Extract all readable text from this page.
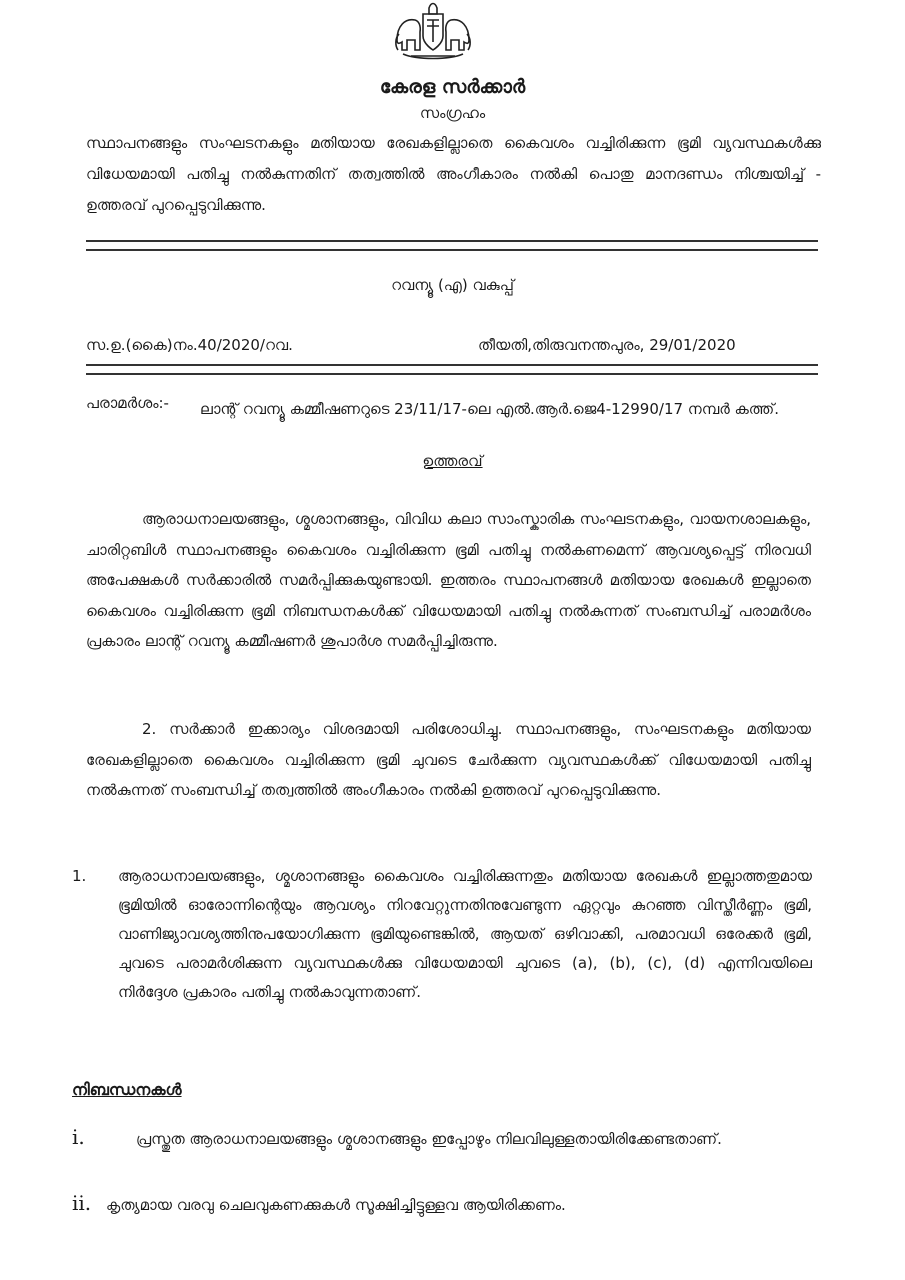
കേരള സർക്കാർ
സംഗ്രഹം
സ്ഥാപനങ്ങളും സംഘടനകളും മതിയായ രേഖകളില്ലാതെ കൈവശം വച്ചിരിക്കുന്ന ഭൂമി വ്യവസ്ഥകൾക്കു വിധേയമായി പതിച്ചു നൽകുന്നതിന് തത്വത്തിൽ അംഗീകാരം നൽകി പൊതു മാനദണ്ഡം നിശ്ചയിച്ച് - ഉത്തരവ് പുറപ്പെടുവിക്കുന്നു.
റവന്യൂ (എ) വകുപ്പ്
സ.ഉ.(കൈ)നം.40/2020/റവ.	തീയതി,തിരുവനന്തപുരം, 29/01/2020
പരാമർശം:- ലാന്റ് റവന്യൂ കമ്മീഷണറുടെ 23/11/17-ലെ എൽ.ആർ.ജെ4-12990/17 നമ്പർ കത്ത്.
ഉത്തരവ്
ആരാധനാലയങ്ങളും, ശ്മശാനങ്ങളും, വിവിധ കലാ സാംസ്കാരിക സംഘടനകളും, വായനശാലകളും, ചാരിറ്റബിൾ സ്ഥാപനങ്ങളും കൈവശം വച്ചിരിക്കുന്ന ഭൂമി പതിച്ചു നൽകണമെന്ന് ആവശ്യപ്പെട്ട് നിരവധി അപേക്ഷകൾ സർക്കാരിൽ സമർപ്പിക്കുകയുണ്ടായി. ഇത്തരം സ്ഥാപനങ്ങൾ മതിയായ രേഖകൾ ഇല്ലാതെ കൈവശം വച്ചിരിക്കുന്ന ഭൂമി നിബന്ധനകൾക്ക് വിധേയമായി പതിച്ചു നൽകുന്നത് സംബന്ധിച്ച് പരാമർശം പ്രകാരം ലാന്റ് റവന്യൂ കമ്മീഷണർ ശുപാർശ സമർപ്പിച്ചിരുന്നു.
2. സർക്കാർ ഇക്കാര്യം വിശദമായി പരിശോധിച്ചു. സ്ഥാപനങ്ങളും, സംഘടനകളും മതിയായ രേഖകളില്ലാതെ കൈവശം വച്ചിരിക്കുന്ന ഭൂമി ചുവടെ ചേർക്കുന്ന വ്യവസ്ഥകൾക്ക് വിധേയമായി പതിച്ചു നൽകുന്നത് സംബന്ധിച്ച് തത്വത്തിൽ അംഗീകാരം നൽകി ഉത്തരവ് പുറപ്പെടുവിക്കുന്നു.
1. ആരാധനാലയങ്ങളും, ശ്മശാനങ്ങളും കൈവശം വച്ചിരിക്കുന്നതും മതിയായ രേഖകൾ ഇല്ലാത്തതുമായ ഭൂമിയിൽ ഓരോന്നിന്റെയും ആവശ്യം നിറവേറ്റുന്നതിനുവേണ്ടുന്ന ഏറ്റവും കുറഞ്ഞ വിസ്തീർണ്ണം ഭൂമി, വാണിജ്യാവശ്യത്തിനുപയോഗിക്കുന്ന ഭൂമിയുണ്ടെങ്കിൽ, ആയത് ഒഴിവാക്കി, പരമാവധി ഒരേക്കർ ഭൂമി, ചുവടെ പരാമർശിക്കുന്ന വ്യവസ്ഥകൾക്കു വിധേയമായി ചുവടെ (a), (b), (c), (d) എന്നിവയിലെ നിർദ്ദേശ പ്രകാരം പതിച്ചു നൽകാവുന്നതാണ്.
നിബന്ധനകൾ
i.	പ്രസ്തുത ആരാധനാലയങ്ങളും ശ്മശാനങ്ങളും ഇപ്പോഴും നിലവിലുള്ളതായിരിക്കേണ്ടതാണ്.
ii. കൃത്യമായ വരവു ചെലവുകണക്കുകൾ സൂക്ഷിച്ചിട്ടുള്ളവ ആയിരിക്കണം.
